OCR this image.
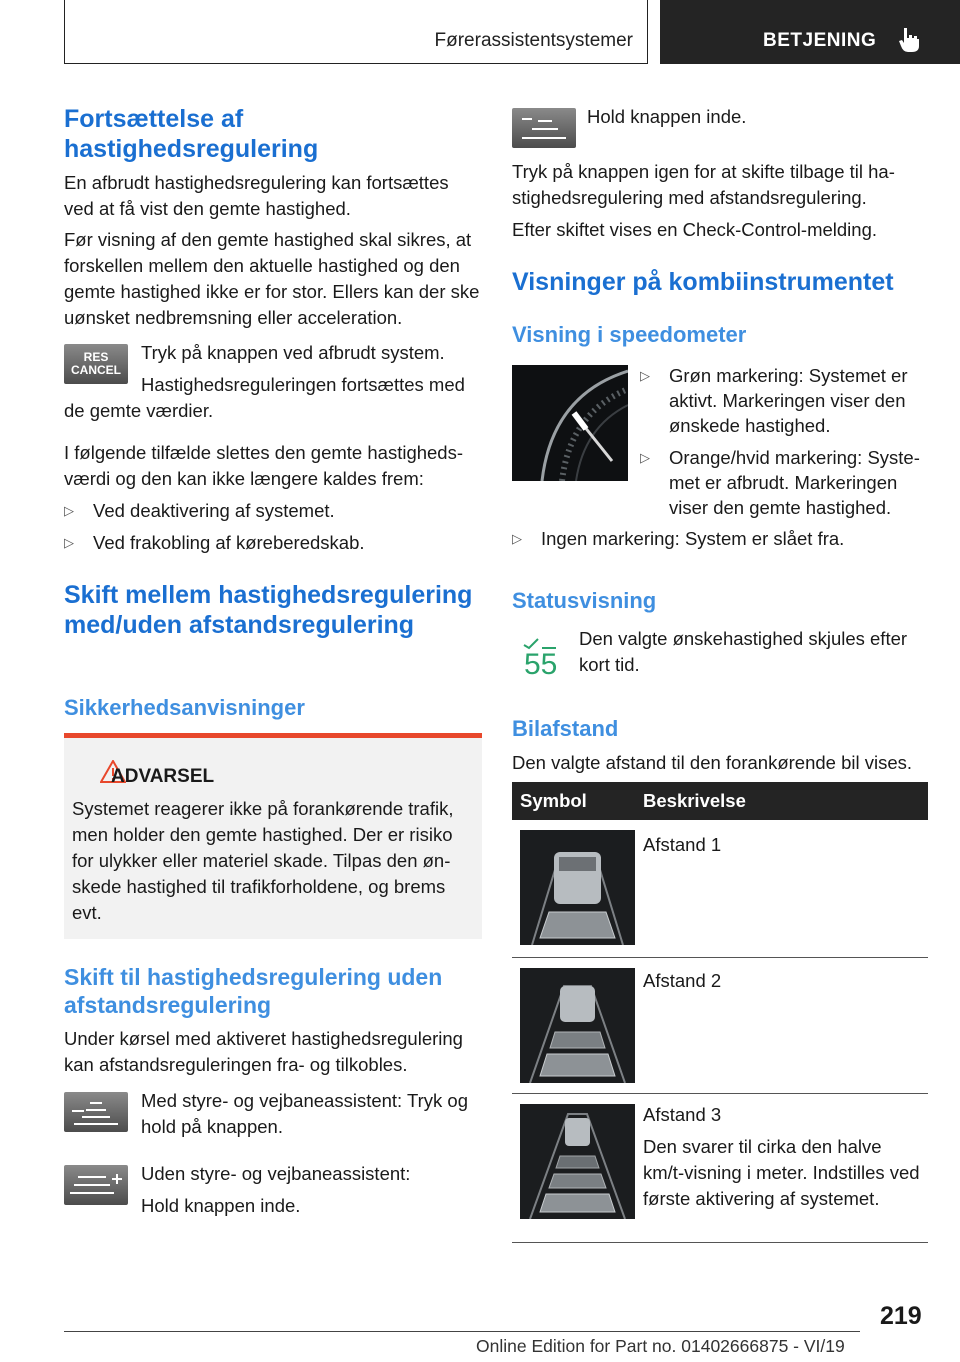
Førerassistentsystemer	BETJENING
Fortsættelse af hastighedsregulering
En afbrudt hastighedsregulering kan fortsættes ved at få vist den gemte hastighed.
Før visning af den gemte hastighed skal sikres, at forskellen mellem den aktuelle hastighed og den gemte hastighed ikke er for stor. Ellers kan der ske uønsket nedbremsning eller acceleration.
RES
CANCEL
Tryk på knappen ved afbrudt system.
Hastighedsreguleringen fortsættes med de gemte værdier.
I følgende tilfælde slettes den gemte hastighedsværdi og den kan ikke længere kaldes frem:
▷	Ved deaktivering af systemet.
▷	Ved frakobling af kørеberedskab.
Skift mellem hastighedsregulering med/uden afstandsregulering
Sikkerhedsanvisninger
ADVARSEL
Systemet reagerer ikke på forankørende trafik, men holder den gemte hastighed. Der er risiko for ulykker eller materiel skade. Tilpas den ønskede hastighed til trafikforholdene, og brems evt.
Skift til hastighedsregulering uden afstandsregulering
Under kørsel med aktiveret hastighedsregulering kan afstandsreguleringen fra- og tilkobles.
Med styre- og vejbaneassistent: Tryk og hold på knappen.
Uden styre- og vejbaneassistent:
Hold knappen inde.
Hold knappen inde.
Tryk på knappen igen for at skifte tilbage til hastighedsregulering med afstandsregulering.
Efter skiftet vises en Check-Control-melding.
Visninger på kombiinstrumentet
Visning i speedometer
▷	Grøn markering: Systemet er aktivt. Markeringen viser den ønskede hastighed.
▷	Orange/hvid markering: Systemet er afbrudt. Markeringen viser den gemte hastighed.
▷	Ingen markering: System er slået fra.
Statusvisning
55
Den valgte ønskehastighed skjules efter kort tid.
Bilafstand
Den valgte afstand til den forankørende bil vises.
Symbol	Beskrivelse
Afstand 1
Afstand 2
Afstand 3
Den svarer til cirka den halve km/t-visning i meter. Indstilles ved første aktivering af systemet.
219
Online Edition for Part no. 01402666875 - VI/19
